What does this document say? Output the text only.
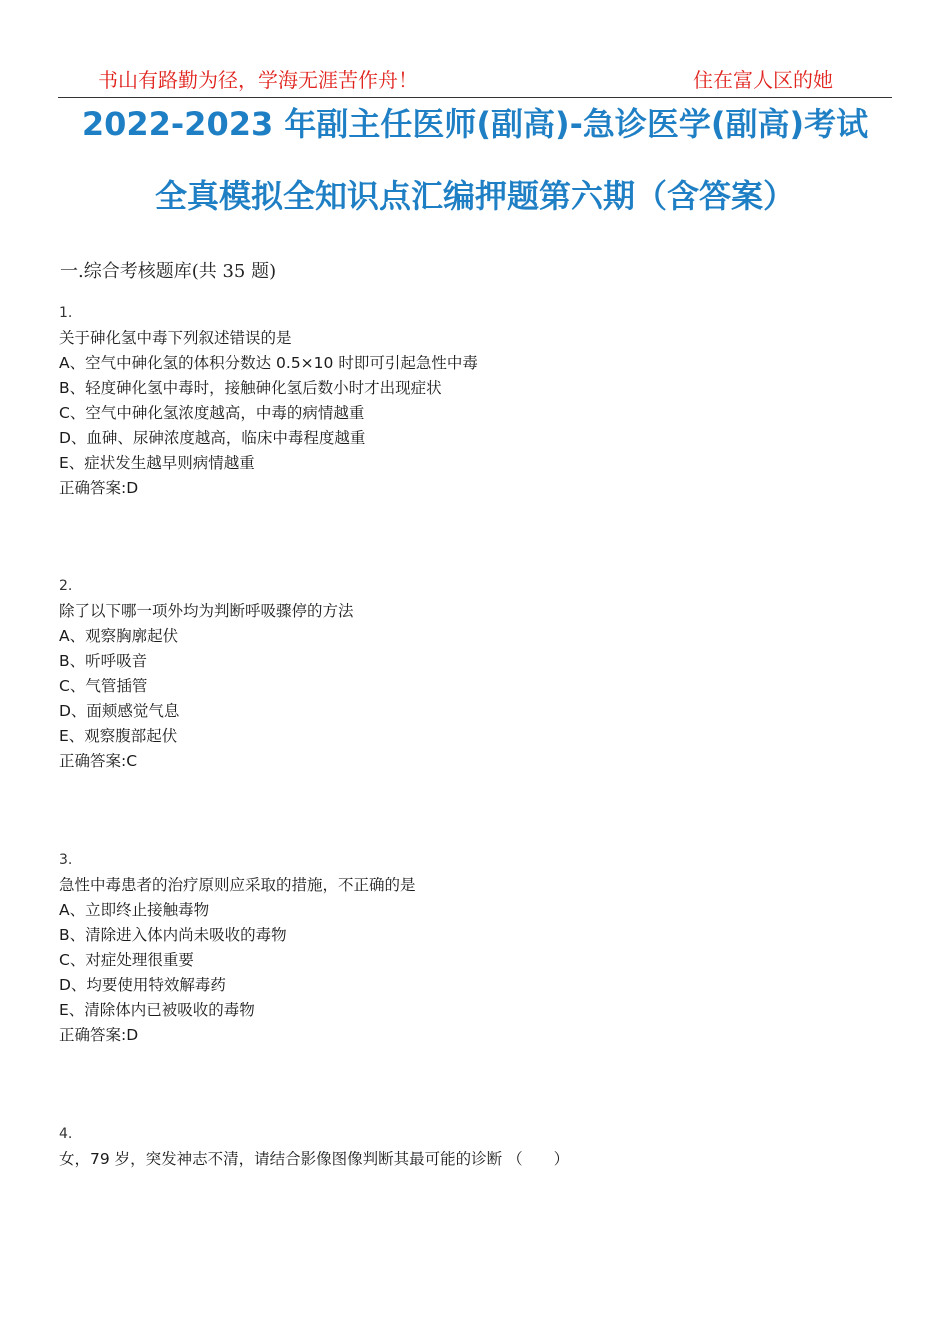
书山有路勤为径，学海无涯苦作舟！	住在富人区的她
2022-2023 年副主任医师(副高)-急诊医学(副高)考试
全真模拟全知识点汇编押题第六期（含答案）
一.综合考核题库(共 35 题)
1.
关于砷化氢中毒下列叙述错误的是
A、空气中砷化氢的体积分数达 0.5×10 时即可引起急性中毒
B、轻度砷化氢中毒时，接触砷化氢后数小时才出现症状
C、空气中砷化氢浓度越高，中毒的病情越重
D、血砷、尿砷浓度越高，临床中毒程度越重
E、症状发生越早则病情越重
正确答案:D
2.
除了以下哪一项外均为判断呼吸骤停的方法
A、观察胸廓起伏
B、听呼吸音
C、气管插管
D、面颊感觉气息
E、观察腹部起伏
正确答案:C
3.
急性中毒患者的治疗原则应采取的措施，不正确的是
A、立即终止接触毒物
B、清除进入体内尚未吸收的毒物
C、对症处理很重要
D、均要使用特效解毒药
E、清除体内已被吸收的毒物
正确答案:D
4.
女，79 岁，突发神志不清，请结合影像图像判断其最可能的诊断 （　　）
